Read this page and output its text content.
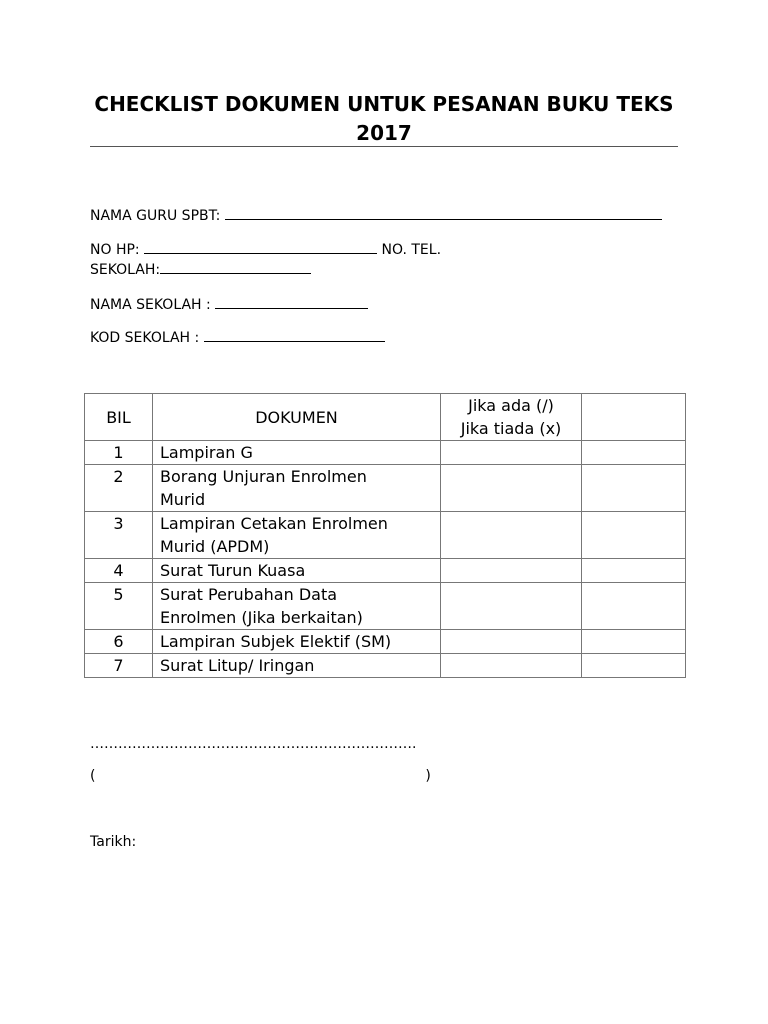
CHECKLIST DOKUMEN UNTUK PESANAN BUKU TEKS 2017
NAMA GURU SPBT:
NO HP:	NO. TEL.
SEKOLAH:
NAMA SEKOLAH :
KOD SEKOLAH :
BIL	DOKUMEN	Jika ada (/)
Jika tiada (x)	

1	Lampiran G		

2	Borang Unjuran Enrolmen
Murid		

3	Lampiran Cetakan Enrolmen
Murid (APDM)		

4	Surat Turun Kuasa		

5	Surat Perubahan Data
Enrolmen (Jika berkaitan)		

6	Lampiran Subjek Elektif (SM)		

7	Surat Litup/ Iringan		

…………………………………………………………….
(	)
Tarikh:
